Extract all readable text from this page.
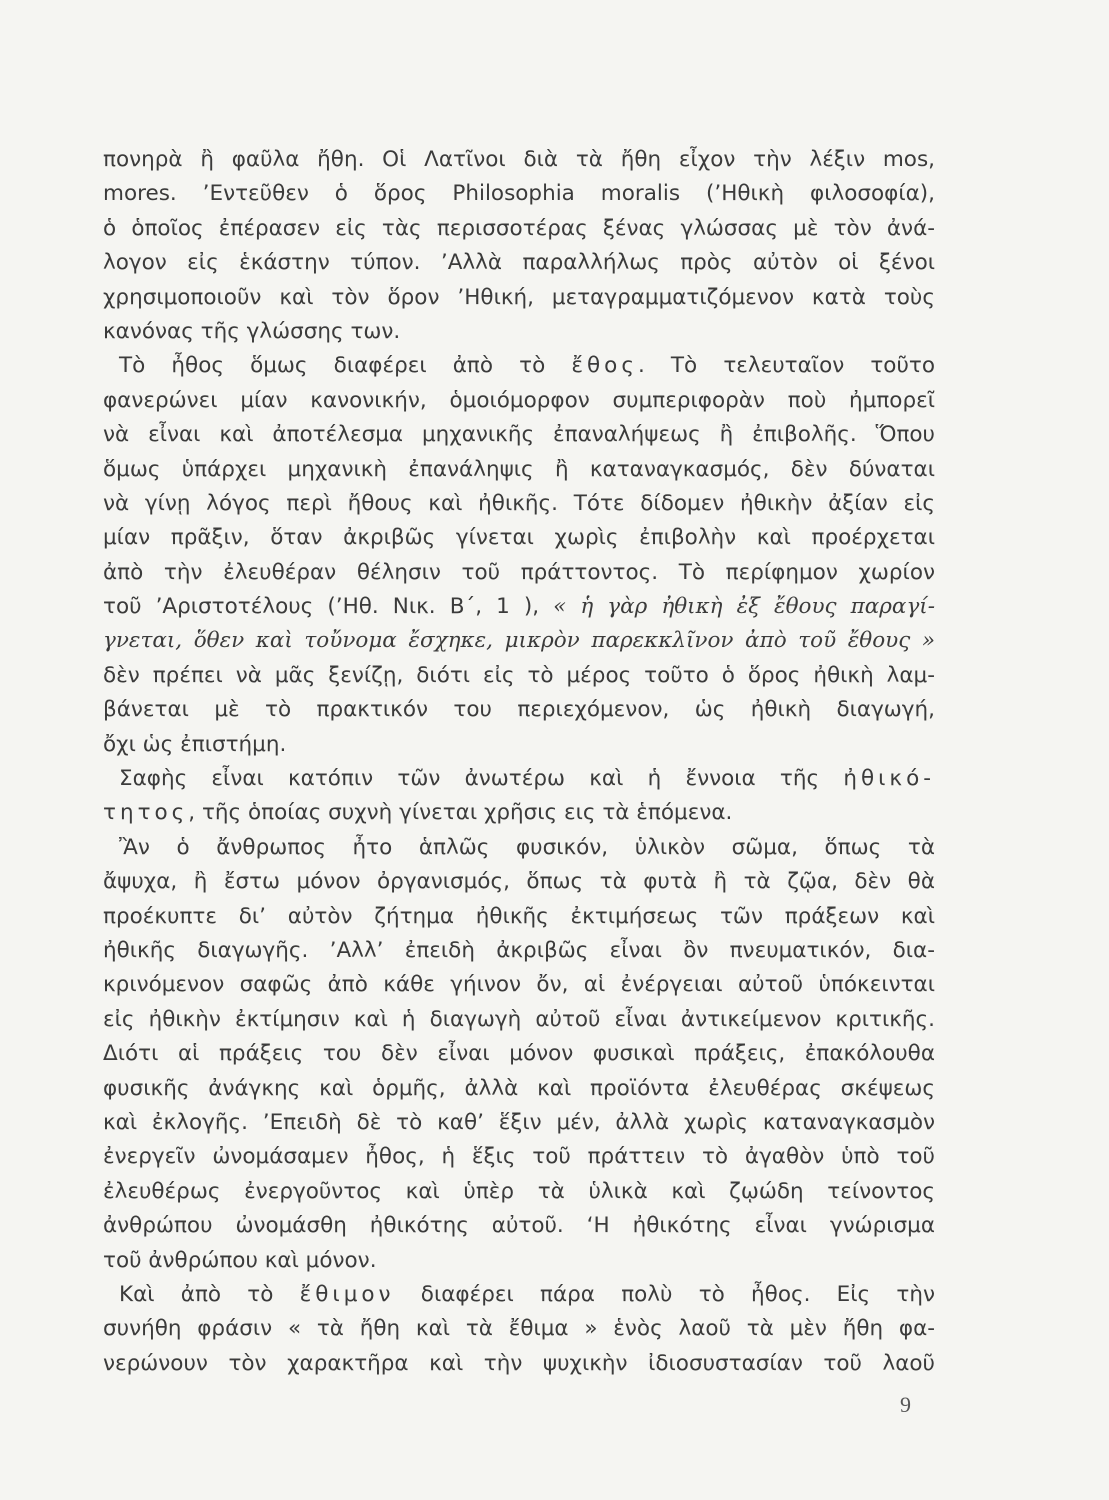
πονηρὰ ἢ φαῦλα ἤθη. Οἱ Λατῖνοι διὰ τὰ ἤθη εἶχον τὴν λέξιν mos,
mores. ’Εντεῦθεν ὁ ὅρος Philosophia moralis (’Ηθικὴ φιλοσοφία),
ὁ ὁποῖος ἐπέρασεν εἰς τὰς περισσοτέρας ξένας γλώσσας μὲ τὸν ἀνά-
λογον εἰς ἑκάστην τύπον. ’Αλλὰ παραλλήλως πρὸς αὐτὸν οἱ ξένοι
χρησιμοποιοῦν καὶ τὸν ὅρον ’Ηθική, μεταγραμματιζόμενον κατὰ τοὺς
κανόνας τῆς γλώσσης των.
Τὸ ἦθος ὅμως διαφέρει ἀπὸ τὸ ἔθος. Τὸ τελευταῖον τοῦτο
φανερώνει μίαν κανονικήν, ὁμοιόμορφον συμπεριφορὰν ποὺ ἠμπορεῖ
νὰ εἶναι καὶ ἀποτέλεσμα μηχανικῆς ἐπαναλήψεως ἢ ἐπιβολῆς. Ὅπου
ὅμως ὑπάρχει μηχανικὴ ἐπανάληψις ἢ καταναγκασμός, δὲν δύναται
νὰ γίνῃ λόγος περὶ ἤθους καὶ ἠθικῆς. Τότε δίδομεν ἠθικὴν ἀξίαν εἰς
μίαν πρᾶξιν, ὅταν ἀκριβῶς γίνεται χωρὶς ἐπιβολὴν καὶ προέρχεται
ἀπὸ τὴν ἐλευθέραν θέλησιν τοῦ πράττοντος. Τὸ περίφημον χωρίον
τοῦ ’Αριστοτέλους (’Ηθ. Νικ. Β΄, 1 ), « ἡ γὰρ ἠθικὴ ἐξ ἔθους παραγί-
γνεται, ὅθεν καὶ τοὔνομα ἔσχηκε, μικρὸν παρεκκλῖνον ἀπὸ τοῦ ἔθους »
δὲν πρέπει νὰ μᾶς ξενίζῃ, διότι εἰς τὸ μέρος τοῦτο ὁ ὅρος ἠθικὴ λαμ-
βάνεται μὲ τὸ πρακτικόν του περιεχόμενον, ὡς ἠθικὴ διαγωγή,
ὄχι ὡς ἐπιστήμη.
Σαφὴς εἶναι κατόπιν τῶν ἀνωτέρω καὶ ἡ ἔννοια τῆς ἠθικό-
τητος, τῆς ὁποίας συχνὴ γίνεται χρῆσις εις τὰ ἑπόμενα.
Ἂν ὁ ἄνθρωπος ἦτο ἁπλῶς φυσικόν, ὑλικὸν σῶμα, ὅπως τὰ
ἄψυχα, ἢ ἔστω μόνον ὀργανισμός, ὅπως τὰ φυτὰ ἢ τὰ ζῷα, δὲν θὰ
προέκυπτε δι’ αὐτὸν ζήτημα ἠθικῆς ἐκτιμήσεως τῶν πράξεων καὶ
ἠθικῆς διαγωγῆς. ’Αλλ’ ἐπειδὴ ἀκριβῶς εἶναι ὂν πνευματικόν, δια-
κρινόμενον σαφῶς ἀπὸ κάθε γήινον ὄν, αἱ ἐνέργειαι αὐτοῦ ὑπόκεινται
εἰς ἠθικὴν ἐκτίμησιν καὶ ἡ διαγωγὴ αὐτοῦ εἶναι ἀντικείμενον κριτικῆς.
Διότι αἱ πράξεις του δὲν εἶναι μόνον φυσικαὶ πράξεις, ἐπακόλουθα
φυσικῆς ἀνάγκης καὶ ὁρμῆς, ἀλλὰ καὶ προϊόντα ἐλευθέρας σκέψεως
καὶ ἐκλογῆς. ’Επειδὴ δὲ τὸ καθ’ ἕξιν μέν, ἀλλὰ χωρὶς καταναγκασμὸν
ἐνεργεῖν ὠνομάσαμεν ἦθος, ἡ ἕξις τοῦ πράττειν τὸ ἀγαθὸν ὑπὸ τοῦ
ἐλευθέρως ἐνεργοῦντος καὶ ὑπὲρ τὰ ὑλικὰ καὶ ζῳώδη τείνοντος
ἀνθρώπου ὠνομάσθη ἠθικότης αὐτοῦ. ‘Η ἠθικότης εἶναι γνώρισμα
τοῦ ἀνθρώπου καὶ μόνον.
Καὶ ἀπὸ τὸ ἔθιμον διαφέρει πάρα πολὺ τὸ ἦθος. Εἰς τὴν
συνήθη φράσιν « τὰ ἤθη καὶ τὰ ἔθιμα » ἑνὸς λαοῦ τὰ μὲν ἤθη φα-
νερώνουν τὸν χαρακτῆρα καὶ τὴν ψυχικὴν ἰδιοσυστασίαν τοῦ λαοῦ
9
